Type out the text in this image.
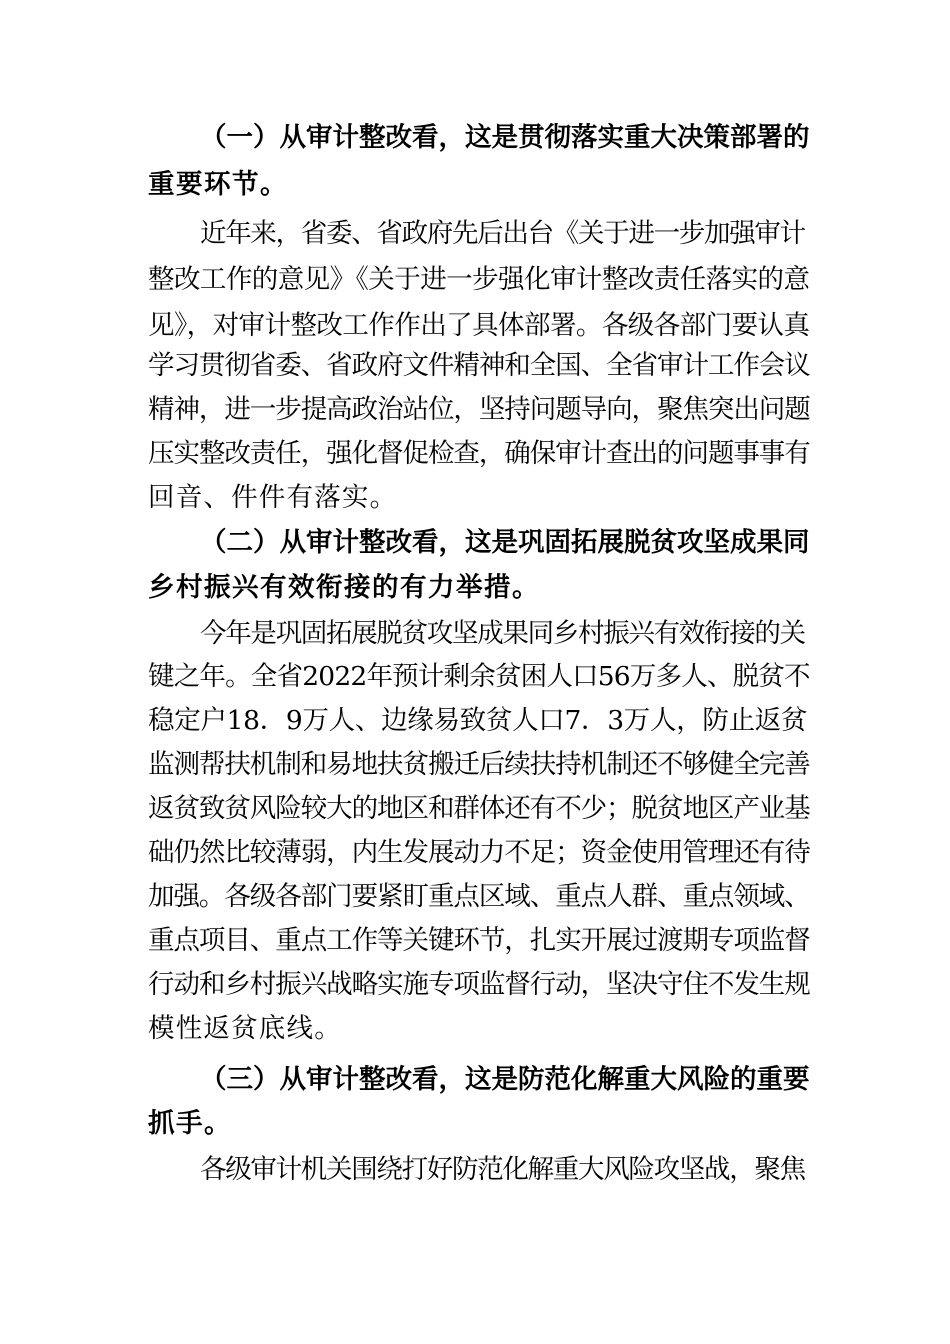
（一）从审计整改看，这是贯彻落实重大决策部署的
重要环节。
近年来，省委、省政府先后出台《关于进一步加强审计
整改工作的意见》《关于进一步强化审计整改责任落实的意
见》，对审计整改工作作出了具体部署。各级各部门要认真
学习贯彻省委、省政府文件精神和全国、全省审计工作会议
精神，进一步提高政治站位，坚持问题导向，聚焦突出问题
压实整改责任，强化督促检查，确保审计查出的问题事事有
回音、件件有落实。
（二）从审计整改看，这是巩固拓展脱贫攻坚成果同
乡村振兴有效衔接的有力举措。
今年是巩固拓展脱贫攻坚成果同乡村振兴有效衔接的关
键之年。全省2022年预计剩余贫困人口56万多人、脱贫不
稳定户18．9万人、边缘易致贫人口7．3万人，防止返贫
监测帮扶机制和易地扶贫搬迁后续扶持机制还不够健全完善
返贫致贫风险较大的地区和群体还有不少；脱贫地区产业基
础仍然比较薄弱，内生发展动力不足；资金使用管理还有待
加强。各级各部门要紧盯重点区域、重点人群、重点领域、
重点项目、重点工作等关键环节，扎实开展过渡期专项监督
行动和乡村振兴战略实施专项监督行动，坚决守住不发生规
模性返贫底线。
（三）从审计整改看，这是防范化解重大风险的重要
抓手。
各级审计机关围绕打好防范化解重大风险攻坚战，聚焦
